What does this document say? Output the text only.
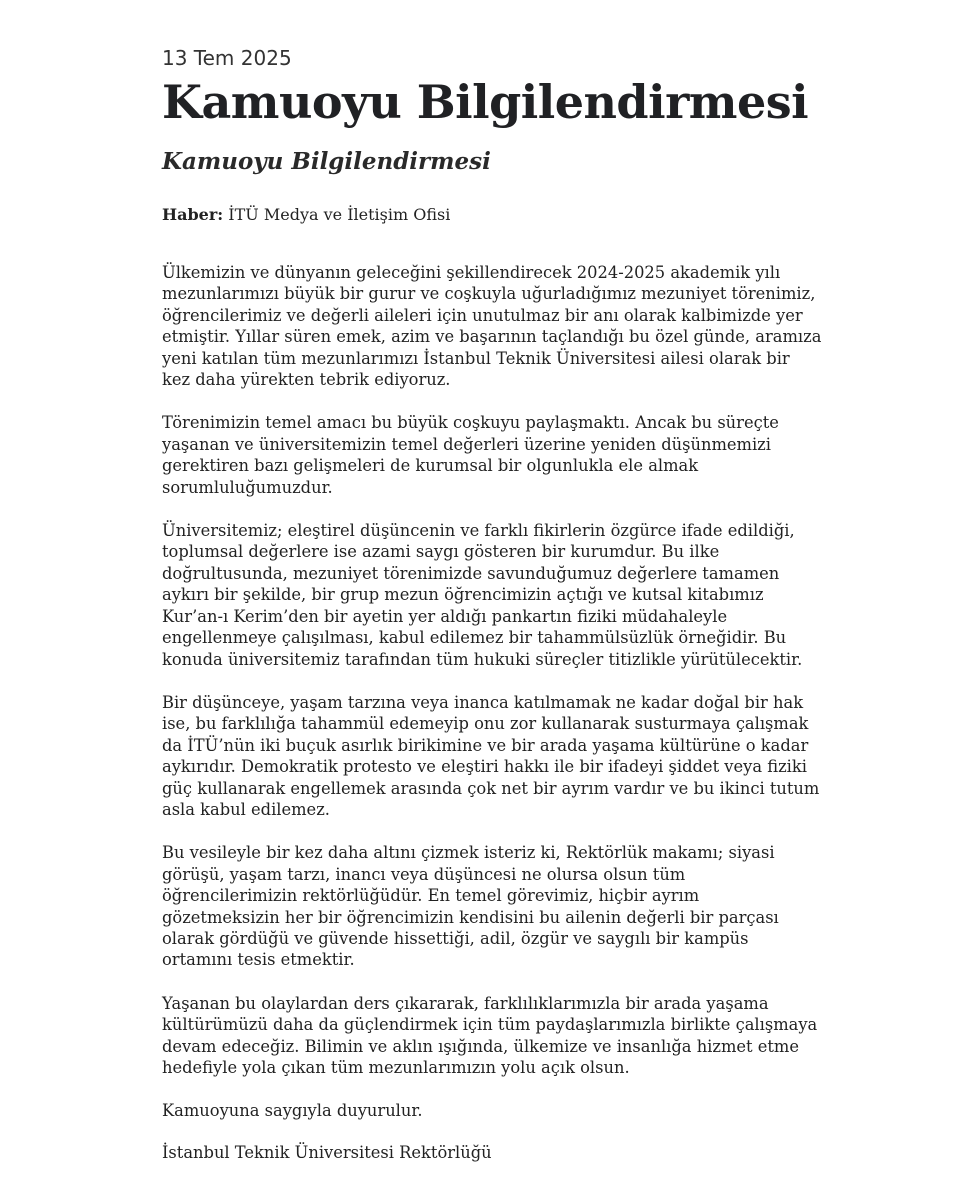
13 Tem 2025

Kamuoyu Bilgilendirmesi
Kamuoyu Bilgilendirmesi

Haber: İTÜ Medya ve İletişim Ofisi

Ülkemizin ve dünyanın geleceğini şekillendirecek 2024-2025 akademik yılı mezunlarımızı büyük bir gurur ve coşkuyla uğurladığımız mezuniyet törenimiz, öğrencilerimiz ve değerli aileleri için unutulmaz bir anı olarak kalbimizde yer etmiştir. Yıllar süren emek, azim ve başarının taçlandığı bu özel günde, aramıza yeni katılan tüm mezunlarımızı İstanbul Teknik Üniversitesi ailesi olarak bir kez daha yürekten tebrik ediyoruz.

Törenimizin temel amacı bu büyük coşkuyu paylaşmaktı. Ancak bu süreçte yaşanan ve üniversitemizin temel değerleri üzerine yeniden düşünmemizi gerektiren bazı gelişmeleri de kurumsal bir olgunlukla ele almak sorumluluğumuzdur.

Üniversitemiz; eleştirel düşüncenin ve farklı fikirlerin özgürce ifade edildiği, toplumsal değerlere ise azami saygı gösteren bir kurumdur. Bu ilke doğrultusunda, mezuniyet törenimizde savunduğumuz değerlere tamamen aykırı bir şekilde, bir grup mezun öğrencimizin açtığı ve kutsal kitabımız Kur’an-ı Kerim’den bir ayetin yer aldığı pankartın fiziki müdahaleyle engellenmeye çalışılması, kabul edilemez bir tahammülsüzlük örneğidir. Bu konuda üniversitemiz tarafından tüm hukuki süreçler titizlikle yürütülecektir.

Bir düşünceye, yaşam tarzına veya inanca katılmamak ne kadar doğal bir hak ise, bu farklılığa tahammül edemeyip onu zor kullanarak susturmaya çalışmak da İTÜ’nün iki buçuk asırlık birikimine ve bir arada yaşama kültürüne o kadar aykırıdır. Demokratik protesto ve eleştiri hakkı ile bir ifadeyi şiddet veya fiziki güç kullanarak engellemek arasında çok net bir ayrım vardır ve bu ikinci tutum asla kabul edilemez.

Bu vesileyle bir kez daha altını çizmek isteriz ki, Rektörlük makamı; siyasi görüşü, yaşam tarzı, inancı veya düşüncesi ne olursa olsun tüm öğrencilerimizin rektörlüğüdür. En temel görevimiz, hiçbir ayrım gözetmeksizin her bir öğrencimizin kendisini bu ailenin değerli bir parçası olarak gördüğü ve güvende hissettiği, adil, özgür ve saygılı bir kampüs ortamını tesis etmektir.

Yaşanan bu olaylardan ders çıkararak, farklılıklarımızla bir arada yaşama kültürümüzü daha da güçlendirmek için tüm paydaşlarımızla birlikte çalışmaya devam edeceğiz. Bilimin ve aklın ışığında, ülkemize ve insanlığa hizmet etme hedefiyle yola çıkan tüm mezunlarımızın yolu açık olsun.

Kamuoyuna saygıyla duyurulur.

İstanbul Teknik Üniversitesi Rektörlüğü
